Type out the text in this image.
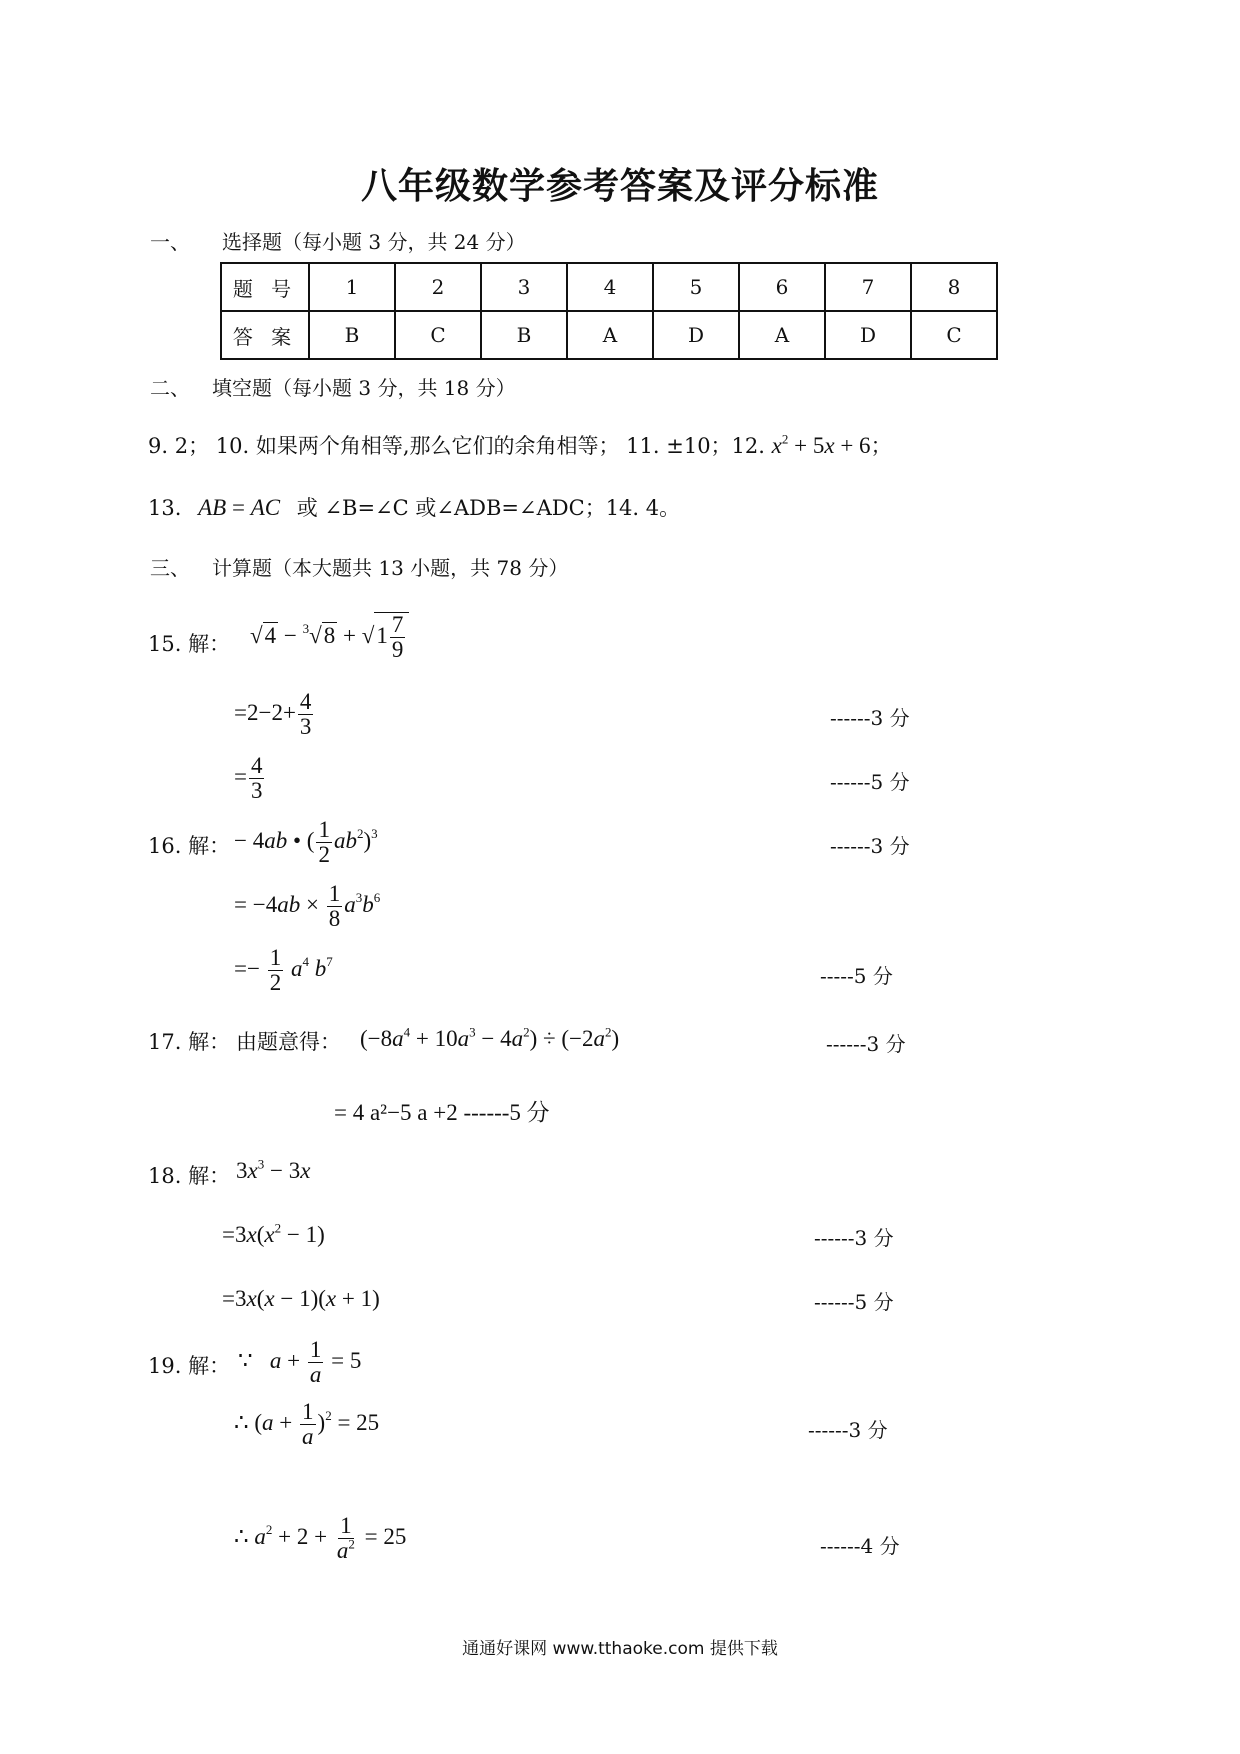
八年级数学参考答案及评分标准
一、 选择题（每小题 3 分，共 24 分）
题 号	1	2	3	4	5	6	7	8
答 案	B	C	B	A	D	A	D	C
二、 填空题（每小题 3 分，共 18 分）
9. 2； 10. 如果两个角相等,那么它们的余角相等； 11. ±10；12. $x^2 + 5x + 6$；
13. AB = AC 或 ∠B=∠C 或∠ADB=∠ADC；14. 4。
三、 计算题（本大题共 13 小题，共 78 分）
15. 解： $√4 - ^3√8 + √1 \frac{7}{9}$
$=2-2+ \frac{4}{3}$	------3 分
= $\frac{4}{3}$	------5 分
16. 解： − 4ab • ( $\frac{1}{2} ab^2)^3$
------3 分
= $-4ab \times \frac{1}{8} a^3b^6$
=− $\frac{1}{2} a^4$ $b^7$
-----5 分
17. 解： 由题意得： $(-8a^4 + 10a^3 - 4a^2) \div (-2a^2)$	------3 分
= 4 a²−5 a +2 ------5 分
18. 解： $3x^3 - 3x$
$=3x(x^2 - 1)$	------3 分
=3x(x − 1)(x + 1)	------5 分
19. 解： ∵   $a + \frac{1}{a} = 5$
∴ $(a + \frac{1}{a} )^2 = 25$	------3 分
∴ $a^2 + 2 + \frac{1}{a^2} = 25$	------4 分
通通好课网 www.tthaoke.com 提供下载
